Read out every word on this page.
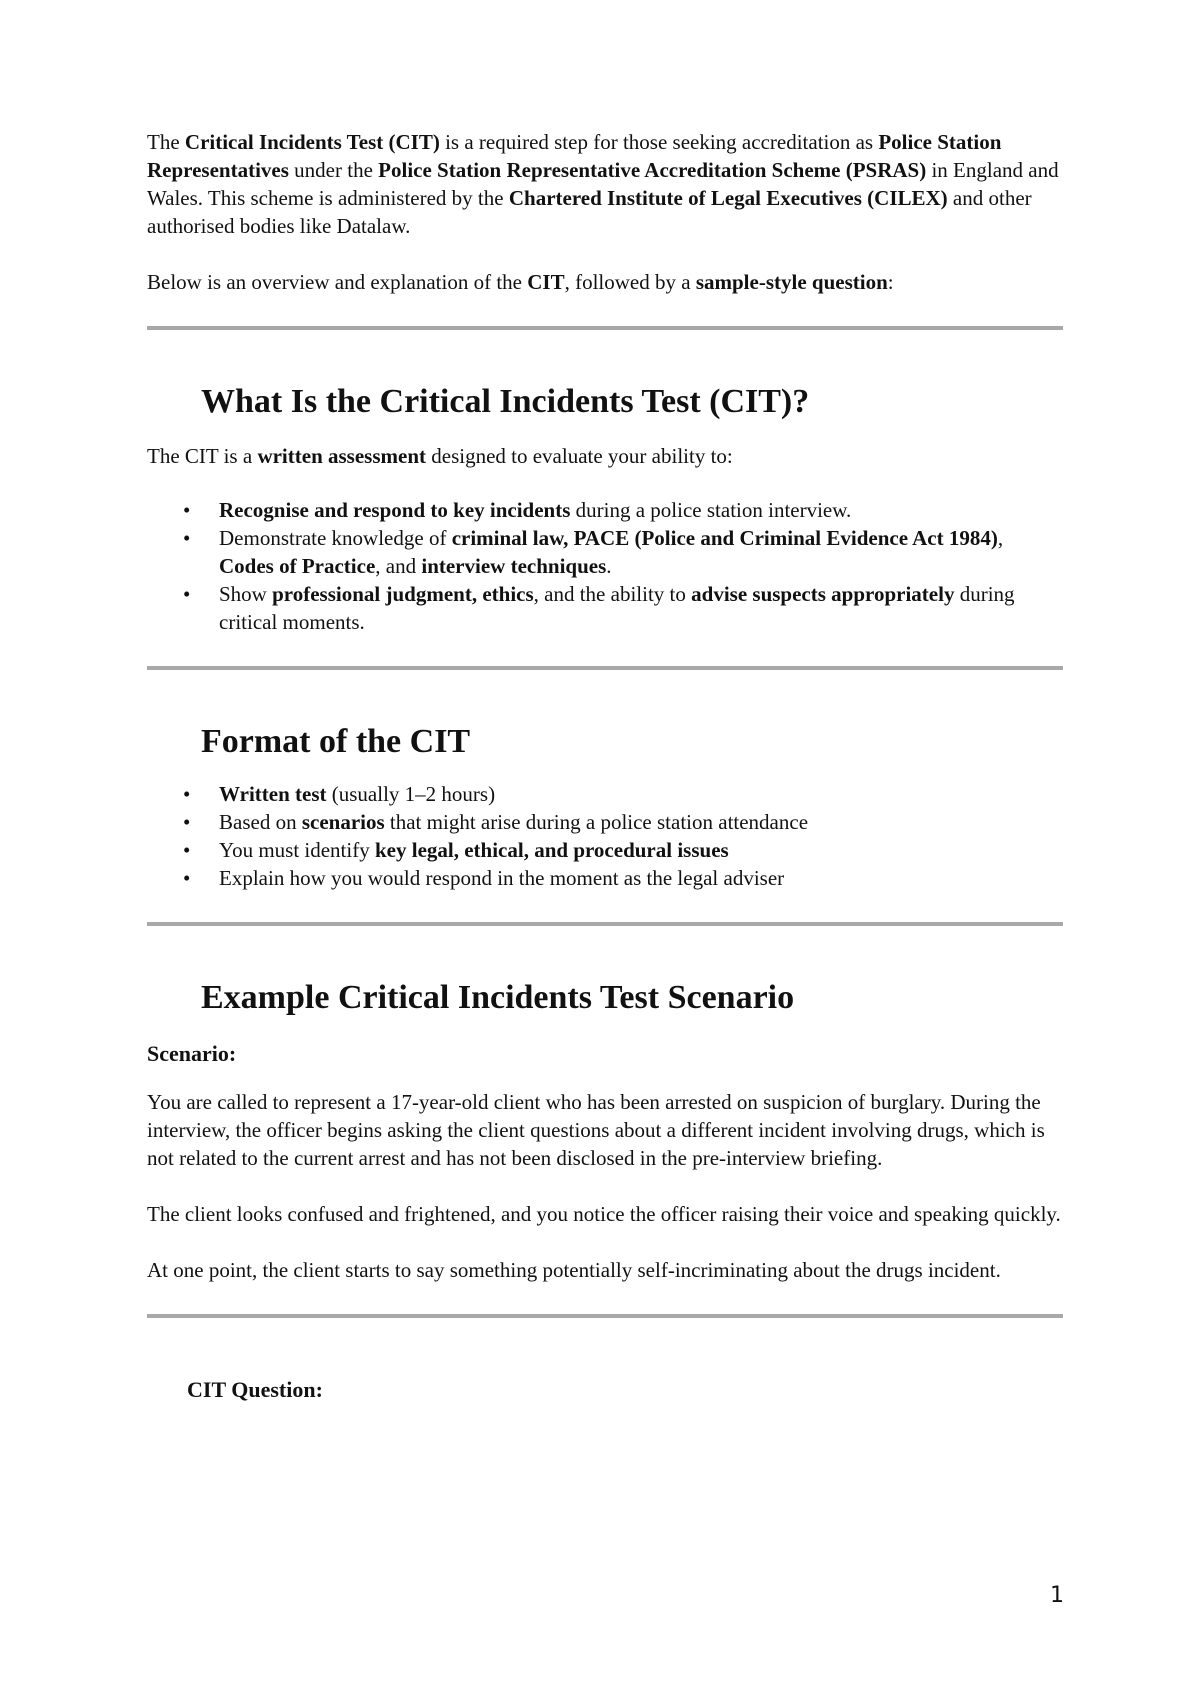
The Critical Incidents Test (CIT) is a required step for those seeking accreditation as Police Station Representatives under the Police Station Representative Accreditation Scheme (PSRAS) in England and Wales. This scheme is administered by the Chartered Institute of Legal Executives (CILEX) and other authorised bodies like Datalaw.

Below is an overview and explanation of the CIT, followed by a sample-style question:

What Is the Critical Incidents Test (CIT)?

The CIT is a written assessment designed to evaluate your ability to:

• Recognise and respond to key incidents during a police station interview.
• Demonstrate knowledge of criminal law, PACE (Police and Criminal Evidence Act 1984), Codes of Practice, and interview techniques.
• Show professional judgment, ethics, and the ability to advise suspects appropriately during critical moments.
Format of the CIT
• Written test (usually 1–2 hours)
• Based on scenarios that might arise during a police station attendance
• You must identify key legal, ethical, and procedural issues
• Explain how you would respond in the moment as the legal adviser
Example Critical Incidents Test Scenario
Scenario:

You are called to represent a 17-year-old client who has been arrested on suspicion of burglary. During the interview, the officer begins asking the client questions about a different incident involving drugs, which is not related to the current arrest and has not been disclosed in the pre-interview briefing.

The client looks confused and frightened, and you notice the officer raising their voice and speaking quickly.

At one point, the client starts to say something potentially self-incriminating about the drugs incident.

CIT Question:
1
